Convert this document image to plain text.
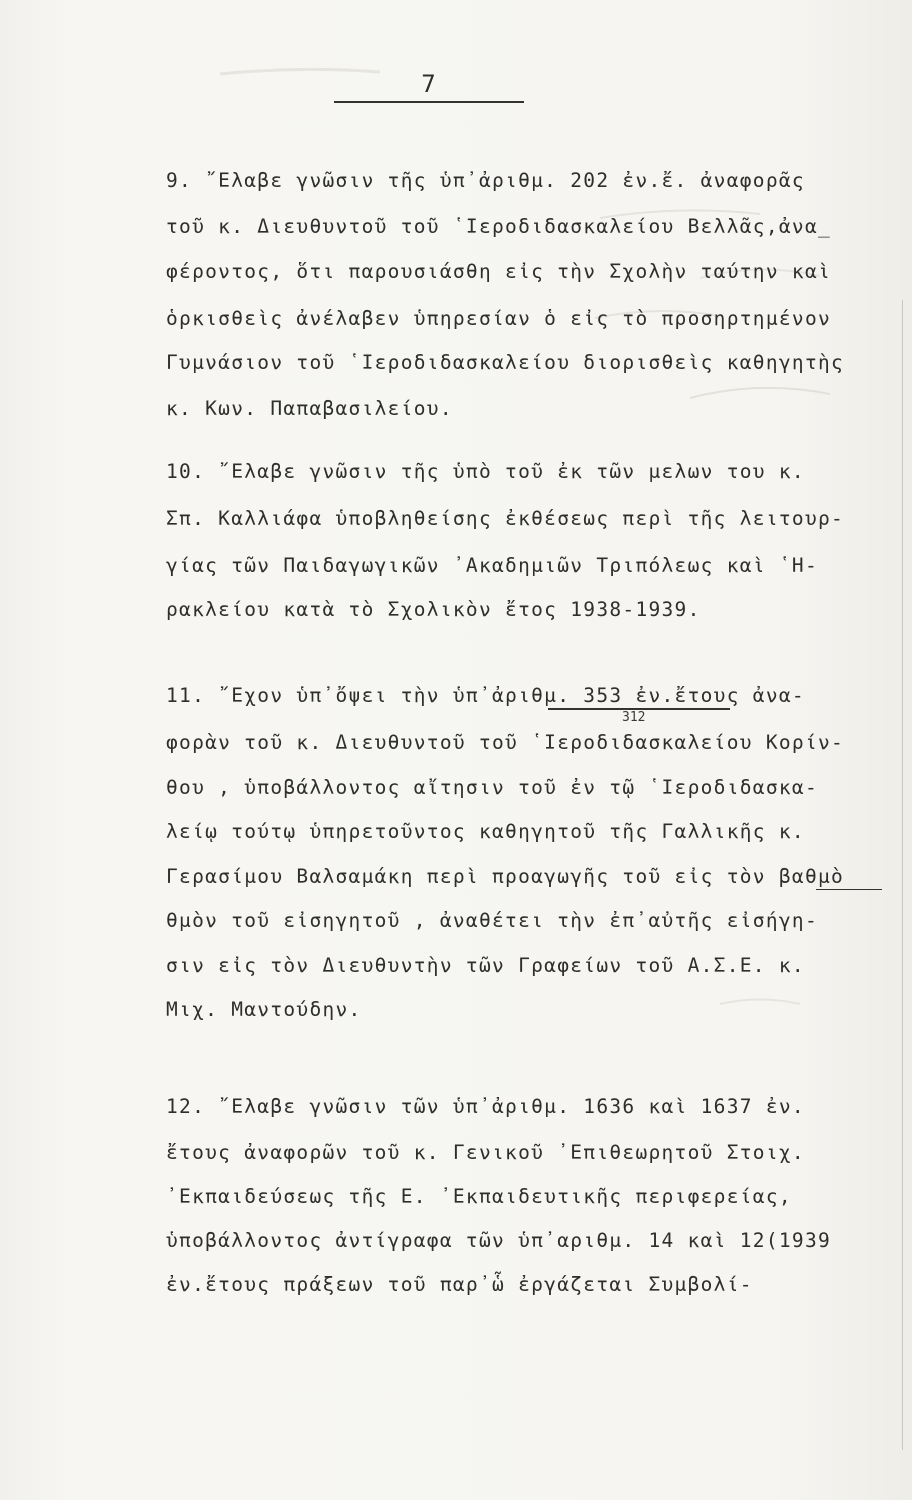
7
9. ῎Ελαβε γνῶσιν τῆς ὑπ᾽ἀριθμ. 202 ἐν.ἔ. ἀναφορᾶς
τοῦ κ. Διευθυντοῦ τοῦ ῾Ιεροδιδασκαλείου Βελλᾶς,ἀνα_
φέροντος, ὅτι παρουσιάσθη εἰς τὴν Σχολὴν ταύτην καὶ
ὁρκισθεὶς ἀνέλαβεν ὑπηρεσίαν ὁ εἰς τὸ προσηρτημένον
Γυμνάσιον τοῦ ῾Ιεροδιδασκαλείου διορισθεὶς καθηγητὴς
κ. Κων. Παπαβασιλείου.
10. ῎Ελαβε γνῶσιν τῆς ὑπὸ τοῦ ἐκ τῶν μελων του κ.
Σπ. Καλλιάφα ὑποβληθείσης ἐκθέσεως περὶ τῆς λειτουρ-
γίας τῶν Παιδαγωγικῶν ᾽Ακαδημιῶν Τριπόλεως καὶ ῾Η-
ρακλείου κατὰ τὸ Σχολικὸν ἔτος 1938-1939.
11. ῎Εχον ὑπ᾽ὄψει τὴν ὑπ᾽ἀριθμ. 353 ἐν.ἔτους ἀνα-
312
φορὰν τοῦ κ. Διευθυντοῦ τοῦ ῾Ιεροδιδασκαλείου Κορίν-
θου , ὑποβάλλοντος αἴτησιν τοῦ ἐν τῷ ῾Ιεροδιδασκα-
λείῳ τούτῳ ὑπηρετοῦντος καθηγητοῦ τῆς Γαλλικῆς κ.
Γερασίμου Βαλσαμάκη περὶ προαγωγῆς τοῦ εἰς τὸν βαθμὸ
θμὸν τοῦ εἰσηγητοῦ , ἀναθέτει τὴν ἐπ᾽αὐτῆς εἰσήγη-
σιν εἰς τὸν Διευθυντὴν τῶν Γραφείων τοῦ Α.Σ.Ε. κ.
Μιχ. Μαντούδην.
12. ῎Ελαβε γνῶσιν τῶν ὑπ᾽ἀριθμ. 1636 καὶ 1637 ἐν.
ἔτους ἀναφορῶν τοῦ κ. Γενικοῦ ᾽Επιθεωρητοῦ Στοιχ.
᾽Εκπαιδεύσεως τῆς Ε. ᾽Εκπαιδευτικῆς περιφερείας,
ὑποβάλλοντος ἀντίγραφα τῶν ὑπ᾽αριθμ. 14 καὶ 12(1939
ἐν.ἔτους πράξεων τοῦ παρ᾽ὧ ἐργάζεται Συμβολί-
